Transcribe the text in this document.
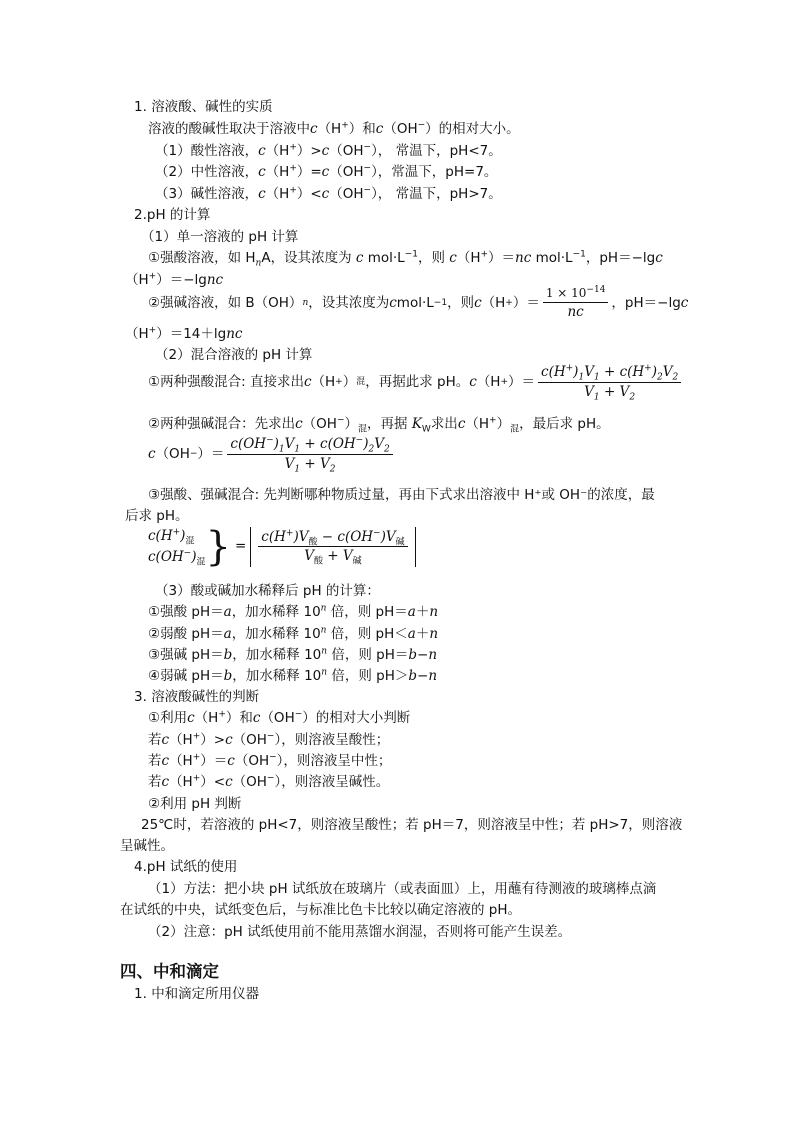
1. 溶液酸、碱性的实质
溶液的酸碱性取决于溶液中c（H+）和c（OH−）的相对大小。
（1）酸性溶液，c（H+）>c（OH−）， 常温下，pH<7。
（2）中性溶液，c（H+）=c（OH−），常温下，pH=7。
（3）碱性溶液，c（H+）<c（OH−）， 常温下，pH>7。
2.pH 的计算
（1）单一溶液的 pH 计算
①强酸溶液，如 $H_nA$，设其浓度为 c $mol\cdot L^{-1}$，则 c（H+）＝nc $mol\cdot L^{-1}$，pH＝−lgc
（H+）＝−lgnc
②强碱溶液，如 B（OH） n ，设其浓度为 c mol·L −1 ，则 c （H + ）＝ $\frac{1 \times 10^{-14}}{nc}$ ，pH＝−lg c
（H+）＝14＋lgnc
（2）混合溶液的 pH 计算
①两种强酸混合: 直接求出 c （H + ） 混 ，再据此求 pH。 c （H + ）＝ $\frac{c(H^+)_1V_1 + c(H^+)_2V_2}{V_1 + V_2}$
②两种强碱混合：先求出$c(OH^-)_混$，再据 $K_W$求出$c(H^+)_混$，最后求 pH。
c （OH − ）＝ $\frac{c(OH^-)_1V_1 + c(OH^-)_2V_2}{V_1 + V_2}$
③强酸、强碱混合: 先判断哪种物质过量，再由下式求出溶液中 H⁺或 OH⁻的浓度，最
后求 pH。
$c(H^+)_混$
$c(OH^-)_混$ } = $\frac{c(H^+)V_酸 - c(OH^-)V_碱}{V_酸 + V_碱}$
（3）酸或碱加水稀释后 pH 的计算：
①强酸 pH＝a，加水稀释 10$^n$ 倍，则 pH＝a＋n
②弱酸 pH＝a，加水稀释 10$^n$ 倍，则 pH＜a＋n
③强碱 pH＝b，加水稀释 10$^n$ 倍，则 pH＝b−n
④弱碱 pH＝b，加水稀释 10$^n$ 倍，则 pH＞b−n
3. 溶液酸碱性的判断
①利用c（H+）和c（OH−）的相对大小判断
若c（H+）>c（OH−），则溶液呈酸性；
若c（H+）＝c（OH−），则溶液呈中性；
若c（H+）<c（OH−），则溶液呈碱性。
②利用 pH 判断
25℃时，若溶液的 pH<7，则溶液呈酸性；若 pH＝7，则溶液呈中性；若 pH>7，则溶液
呈碱性。
4.pH 试纸的使用
（1）方法：把小块 pH 试纸放在玻璃片（或表面皿）上，用蘸有待测液的玻璃棒点滴
在试纸的中央，试纸变色后，与标准比色卡比较以确定溶液的 pH。
（2）注意：pH 试纸使用前不能用蒸馏水润湿，否则将可能产生误差。
四、中和滴定
1. 中和滴定所用仪器
